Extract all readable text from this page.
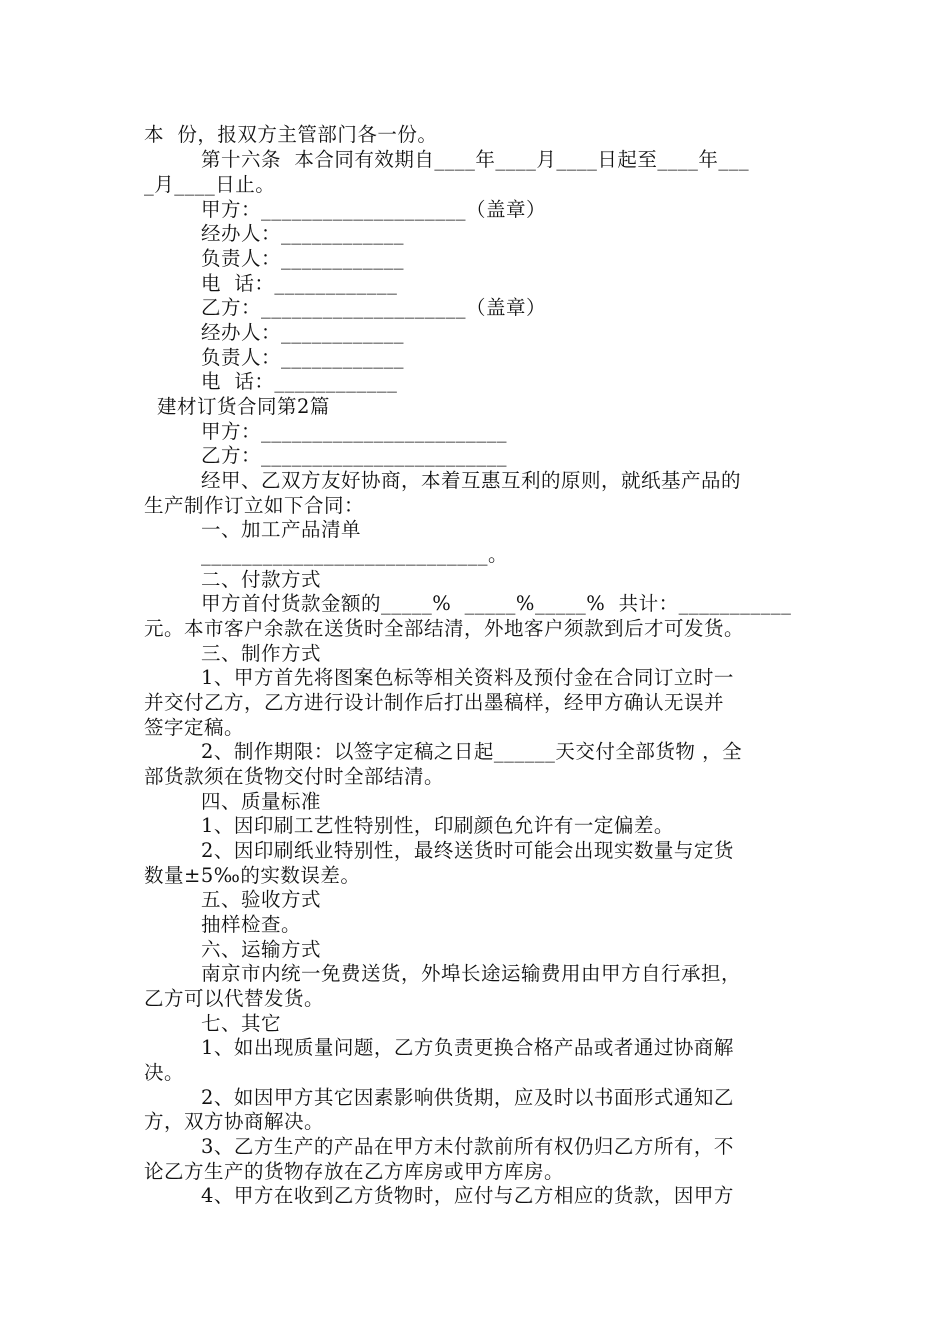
本  份，报双方主管部门各一份。
第十六条  本合同有效期自____年____月____日起至____年___
_月____日止。
甲方：____________________（盖章）
经办人：____________
负责人：____________
电  话：____________
乙方：____________________（盖章）
经办人：____________
负责人：____________
电  话：____________
建材订货合同第2篇
甲方：________________________
乙方：________________________
经甲、乙双方友好协商，本着互惠互利的原则，就纸基产品的
生产制作订立如下合同：
一、加工产品清单
____________________________。
二、付款方式
甲方首付货款金额的_____%  _____%_____%  共计：___________
元。本市客户余款在送货时全部结清，外地客户须款到后才可发货。
三、制作方式
1、甲方首先将图案色标等相关资料及预付金在合同订立时一
并交付乙方，乙方进行设计制作后打出墨稿样，经甲方确认无误并
签字定稿。
2、制作期限：以签字定稿之日起______天交付全部货物 ，全
部货款须在货物交付时全部结清。
四、质量标准
1、因印刷工艺性特别性，印刷颜色允许有一定偏差。
2、因印刷纸业特别性，最终送货时可能会出现实数量与定货
数量±5‰的实数误差。
五、验收方式
抽样检查。
六、运输方式
南京市内统一免费送货，外埠长途运输费用由甲方自行承担，
乙方可以代替发货。
七、其它
1、如出现质量问题，乙方负责更换合格产品或者通过协商解
决。
2、如因甲方其它因素影响供货期，应及时以书面形式通知乙
方，双方协商解决。
3、乙方生产的产品在甲方未付款前所有权仍归乙方所有，不
论乙方生产的货物存放在乙方库房或甲方库房。
4、甲方在收到乙方货物时，应付与乙方相应的货款，因甲方
